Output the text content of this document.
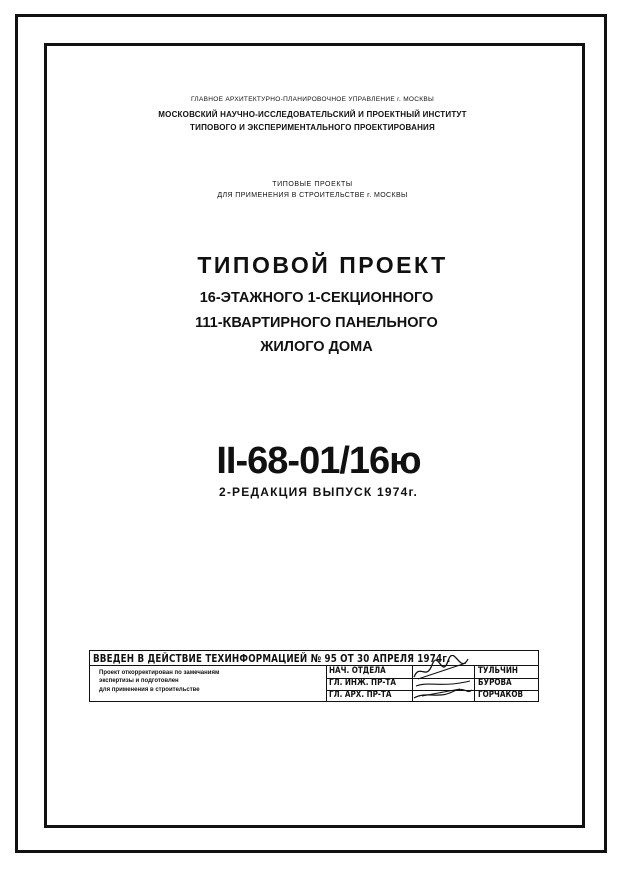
ГЛАВНОЕ АРХИТЕКТУРНО-ПЛАНИРОВОЧНОЕ УПРАВЛЕНИЕ г. МОСКВЫ
МОСКОВСКИЙ НАУЧНО-ИССЛЕДОВАТЕЛЬСКИЙ И ПРОЕКТНЫЙ ИНСТИТУТ
ТИПОВОГО И ЭКСПЕРИМЕНТАЛЬНОГО ПРОЕКТИРОВАНИЯ
ТИПОВЫЕ ПРОЕКТЫ
ДЛЯ ПРИМЕНЕНИЯ В СТРОИТЕЛЬСТВЕ г. МОСКВЫ
ТИПОВОЙ ПРОЕКТ
16-ЭТАЖНОГО 1-СЕКЦИОННОГО
111-КВАРТИРНОГО ПАНЕЛЬНОГО
ЖИЛОГО ДОМА
II-68-01/16ю
2-РЕДАКЦИЯ ВЫПУСК 1974г.
ВВЕДЕН В ДЕЙСТВИЕ ТЕХИНФОРМАЦИЕЙ № 95 ОТ 30 АПРЕЛЯ 1974г.
Проект откорректирован по замечаниям
экспертизы и подготовлен
для применения в строительстве
НАЧ. ОТДЕЛА
ГЛ. ИНЖ. ПР-ТА
ГЛ. АРХ. ПР-ТА
ТУЛЬЧИН
БУРОВА
ГОРЧАКОВ
